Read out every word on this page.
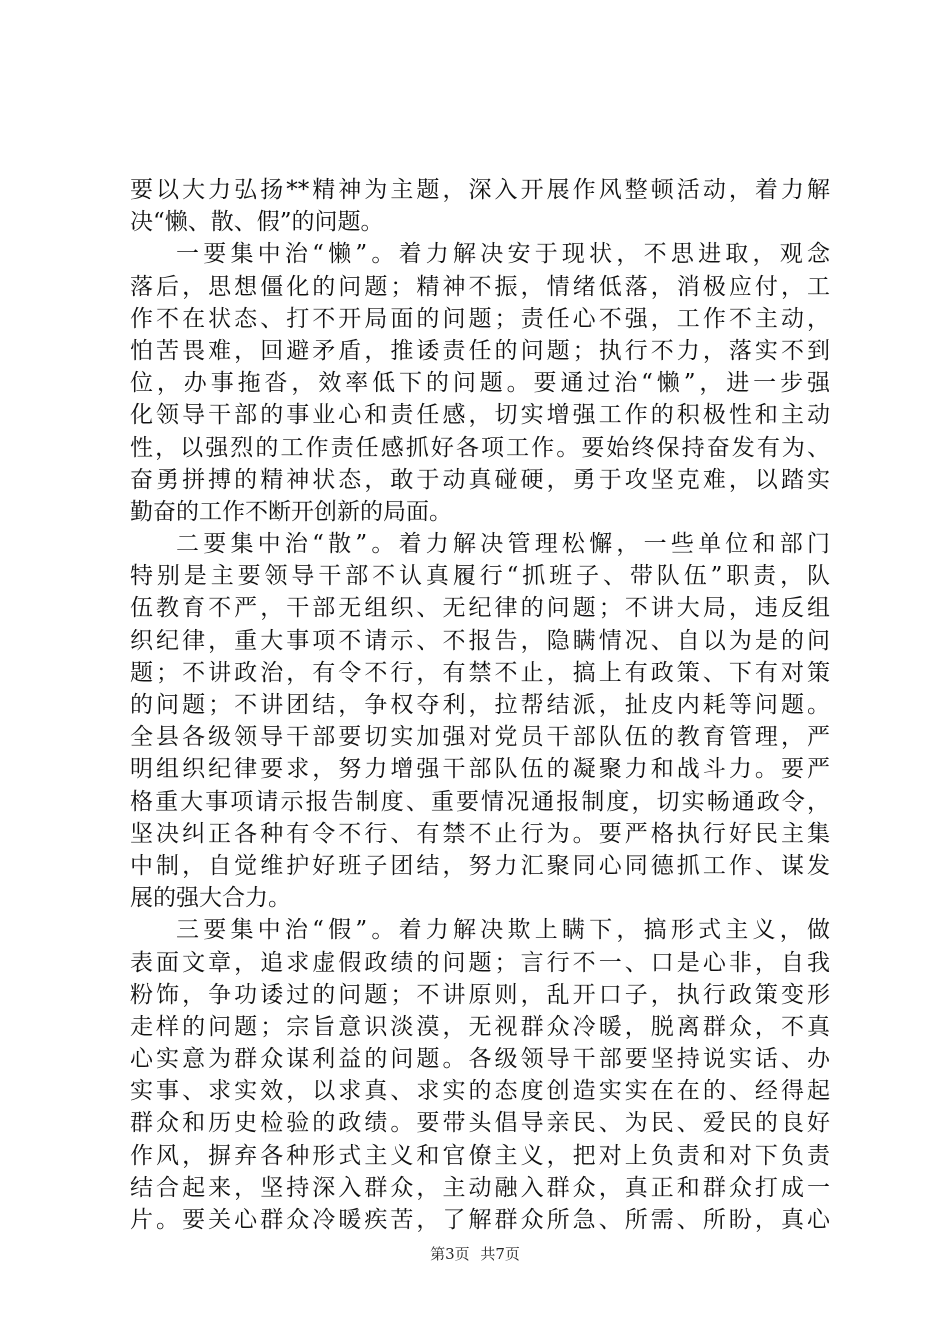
要以大力弘扬**精神为主题，深入开展作风整顿活动，着力解
决“懒、散、假”的问题。
一要集中治“懒”。着力解决安于现状，不思进取，观念
落后，思想僵化的问题；精神不振，情绪低落，消极应付，工
作不在状态、打不开局面的问题；责任心不强，工作不主动，
怕苦畏难，回避矛盾，推诿责任的问题；执行不力，落实不到
位，办事拖沓，效率低下的问题。要通过治“懒”，进一步强
化领导干部的事业心和责任感，切实增强工作的积极性和主动
性，以强烈的工作责任感抓好各项工作。要始终保持奋发有为、
奋勇拼搏的精神状态，敢于动真碰硬，勇于攻坚克难，以踏实
勤奋的工作不断开创新的局面。
二要集中治“散”。着力解决管理松懈，一些单位和部门
特别是主要领导干部不认真履行“抓班子、带队伍”职责，队
伍教育不严，干部无组织、无纪律的问题；不讲大局，违反组
织纪律，重大事项不请示、不报告，隐瞒情况、自以为是的问
题；不讲政治，有令不行，有禁不止，搞上有政策、下有对策
的问题；不讲团结，争权夺利，拉帮结派，扯皮内耗等问题。
全县各级领导干部要切实加强对党员干部队伍的教育管理，严
明组织纪律要求，努力增强干部队伍的凝聚力和战斗力。要严
格重大事项请示报告制度、重要情况通报制度，切实畅通政令，
坚决纠正各种有令不行、有禁不止行为。要严格执行好民主集
中制，自觉维护好班子团结，努力汇聚同心同德抓工作、谋发
展的强大合力。
三要集中治“假”。着力解决欺上瞒下，搞形式主义，做
表面文章，追求虚假政绩的问题；言行不一、口是心非，自我
粉饰，争功诿过的问题；不讲原则，乱开口子，执行政策变形
走样的问题；宗旨意识淡漠，无视群众冷暖，脱离群众，不真
心实意为群众谋利益的问题。各级领导干部要坚持说实话、办
实事、求实效，以求真、求实的态度创造实实在在的、经得起
群众和历史检验的政绩。要带头倡导亲民、为民、爱民的良好
作风，摒弃各种形式主义和官僚主义，把对上负责和对下负责
结合起来，坚持深入群众，主动融入群众，真正和群众打成一
片。要关心群众冷暖疾苦，了解群众所急、所需、所盼，真心
第3页 共7页
